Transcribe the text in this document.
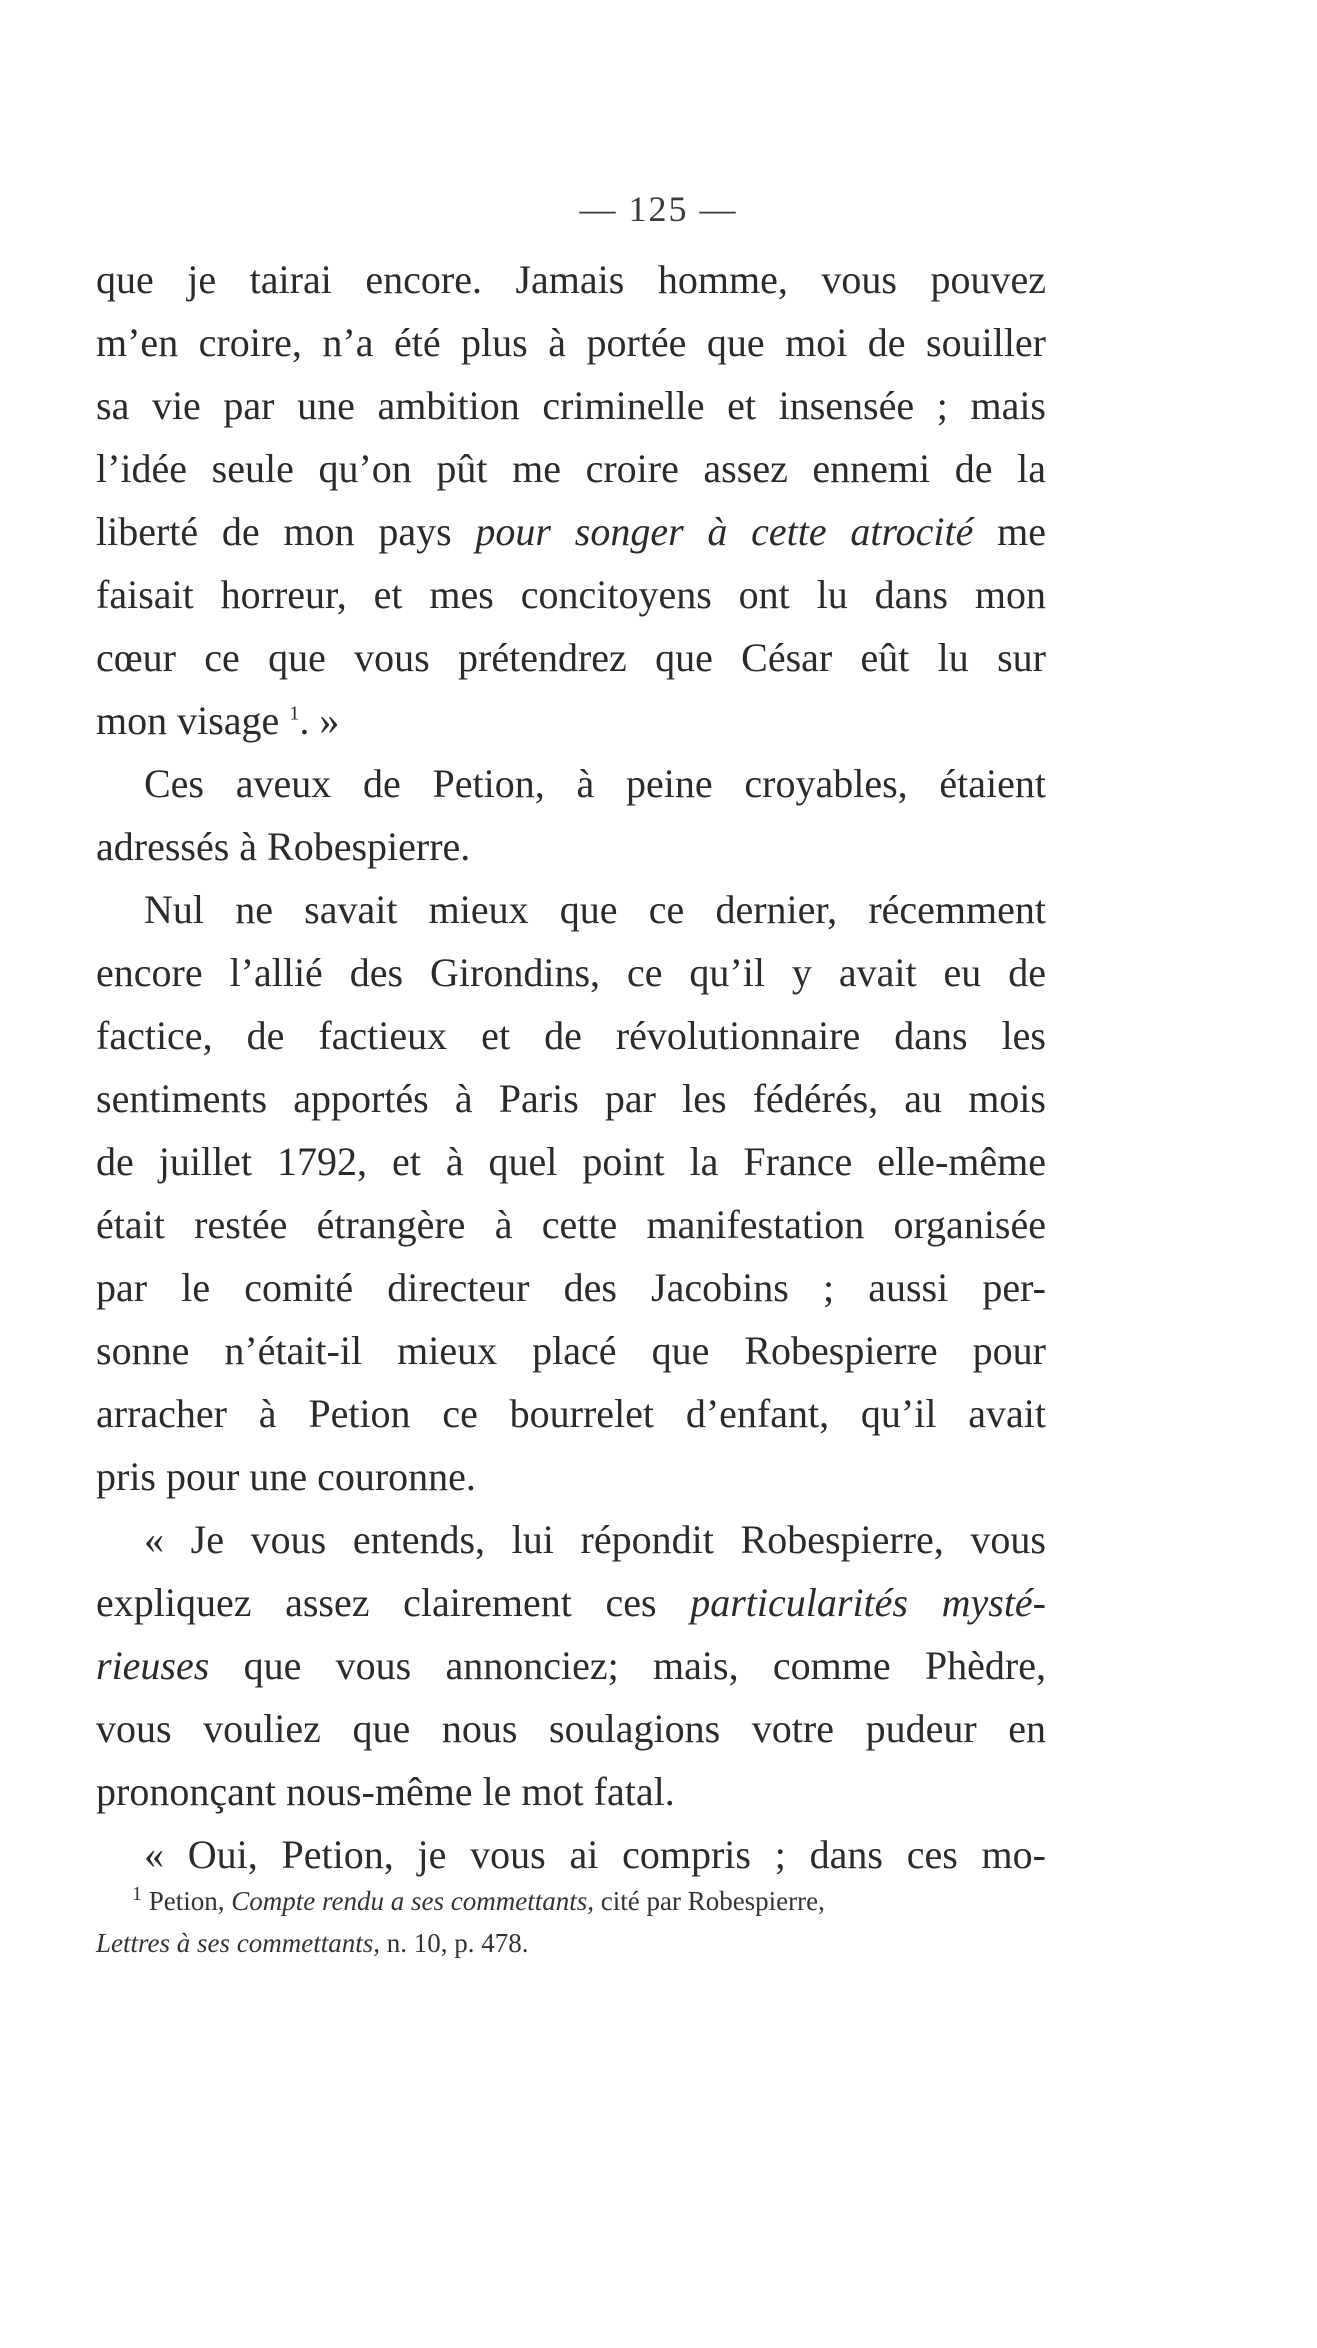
— 125 —
que je tairai encore. Jamais homme, vous pouvez
m’en croire, n’a été plus à portée que moi de souiller
sa vie par une ambition criminelle et insensée ; mais
l’idée seule qu’on pût me croire assez ennemi de la
liberté de mon pays pour songer à cette atrocité me
faisait horreur, et mes concitoyens ont lu dans mon
cœur ce que vous prétendrez que César eût lu sur
mon visage $^1$. »
Ces aveux de Petion, à peine croyables, étaient
adressés à Robespierre.
Nul ne savait mieux que ce dernier, récemment
encore l’allié des Girondins, ce qu’il y avait eu de
factice, de factieux et de révolutionnaire dans les
sentiments apportés à Paris par les fédérés, au mois
de juillet 1792, et à quel point la France elle-même
était restée étrangère à cette manifestation organisée
par le comité directeur des Jacobins ; aussi per-
sonne n’était-il mieux placé que Robespierre pour
arracher à Petion ce bourrelet d’enfant, qu’il avait
pris pour une couronne.
« Je vous entends, lui répondit Robespierre, vous
expliquez assez clairement ces particularités mysté-
rieuses que vous annonciez; mais, comme Phèdre,
vous vouliez que nous soulagions votre pudeur en
prononçant nous-même le mot fatal.
« Oui, Petion, je vous ai compris ; dans ces mo-
$^1$ Petion, Compte rendu a ses commettants, cité par Robespierre,
Lettres à ses commettants, n. 10, p. 478.
